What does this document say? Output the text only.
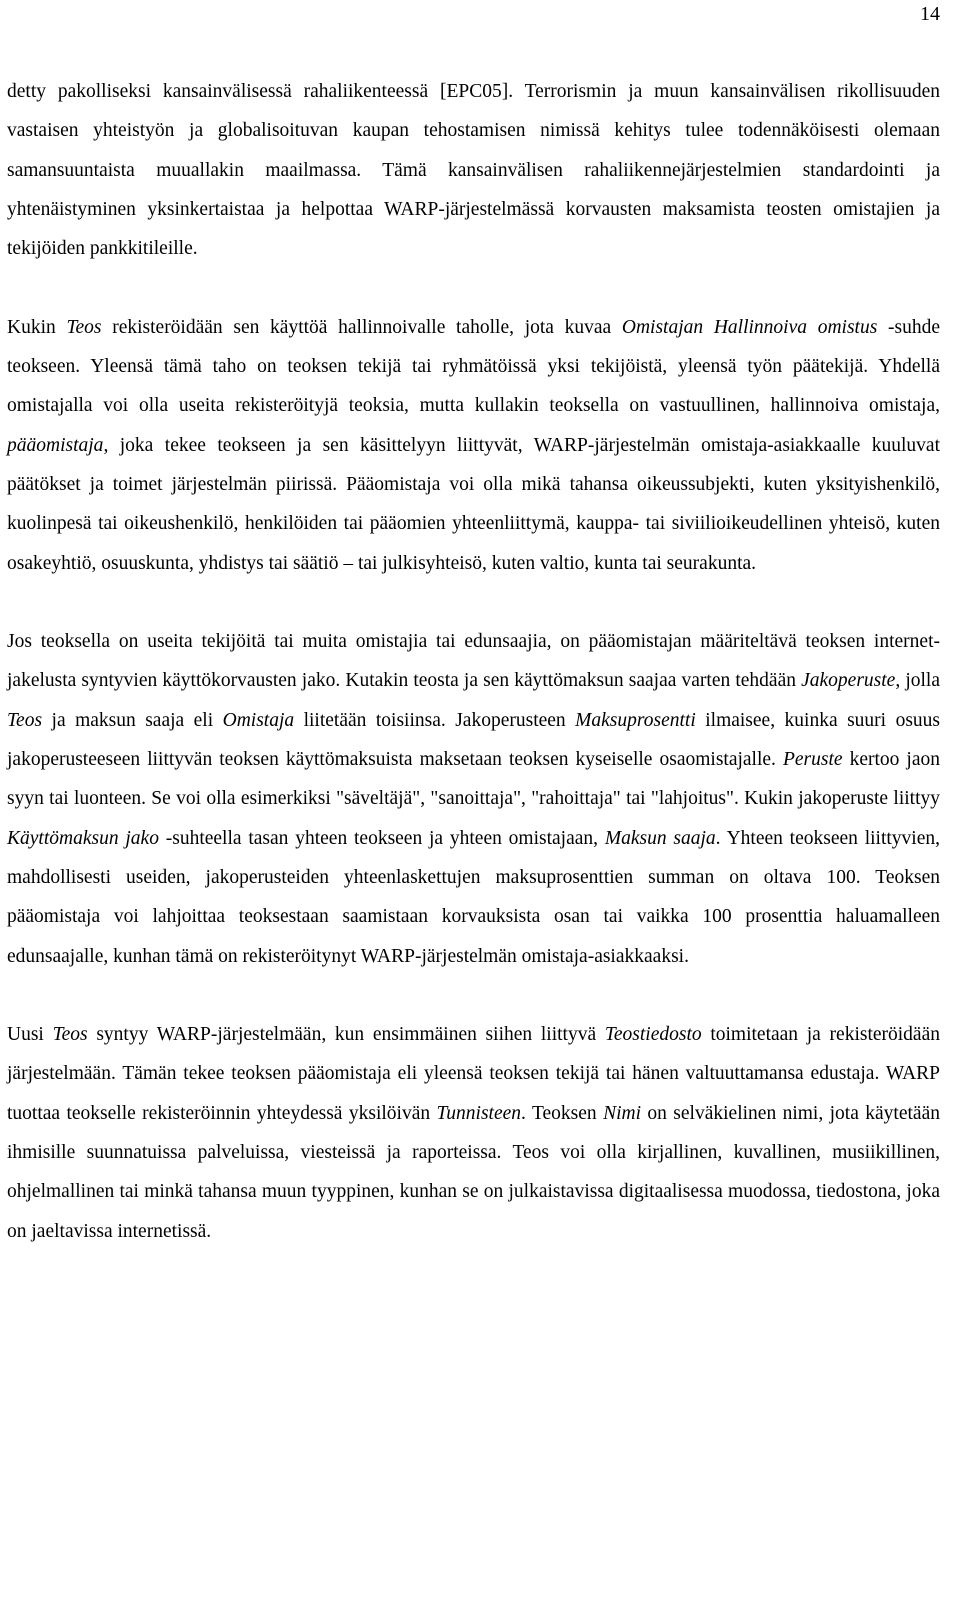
14

detty pakolliseksi kansainvälisessä rahaliikenteessä [EPC05]. Terrorismin ja muun kansainvälisen rikollisuuden vastaisen yhteistyön ja globalisoituvan kaupan tehostamisen nimissä kehitys tulee todennäköisesti olemaan samansuuntaista muuallakin maailmassa. Tämä kansainvälisen rahaliikennejärjestelmien standardointi ja yhtenäistyminen yksinkertaistaa ja helpottaa WARP-järjestelmässä korvausten maksamista teosten omistajien ja tekijöiden pankkitileille.

Kukin Teos rekisteröidään sen käyttöä hallinnoivalle taholle, jota kuvaa Omistajan Hallinnoiva omistus -suhde teokseen. Yleensä tämä taho on teoksen tekijä tai ryhmätöissä yksi tekijöistä, yleensä työn päätekijä. Yhdellä omistajalla voi olla useita rekisteröityjä teoksia, mutta kullakin teoksella on vastuullinen, hallinnoiva omistaja, pääomistaja, joka tekee teokseen ja sen käsittelyyn liittyvät, WARP-järjestelmän omistaja-asiakkaalle kuuluvat päätökset ja toimet järjestelmän piirissä. Pääomistaja voi olla mikä tahansa oikeussubjekti, kuten yksityishenkilö, kuolinpesä tai oikeushenkilö, henkilöiden tai pääomien yhteenliittymä, kauppa- tai siviilioikeudellinen yhteisö, kuten osakeyhtiö, osuuskunta, yhdistys tai säätiö – tai julkisyhteisö, kuten valtio, kunta tai seurakunta.

Jos teoksella on useita tekijöitä tai muita omistajia tai edunsaajia, on pääomistajan määriteltävä teoksen internet-jakelusta syntyvien käyttökorvausten jako. Kutakin teosta ja sen käyttömaksun saajaa varten tehdään Jakoperuste, jolla Teos ja maksun saaja eli Omistaja liitetään toisiinsa. Jakoperusteen Maksuprosentti ilmaisee, kuinka suuri osuus jakoperusteeseen liittyvän teoksen käyttömaksuista maksetaan teoksen kyseiselle osaomistajalle. Peruste kertoo jaon syyn tai luonteen. Se voi olla esimerkiksi "säveltäjä", "sanoittaja", "rahoittaja" tai "lahjoitus". Kukin jakoperuste liittyy Käyttömaksun jako -suhteella tasan yhteen teokseen ja yhteen omistajaan, Maksun saaja. Yhteen teokseen liittyvien, mahdollisesti useiden, jakoperusteiden yhteenlaskettujen maksuprosenttien summan on oltava 100. Teoksen pääomistaja voi lahjoittaa teoksestaan saamistaan korvauksista osan tai vaikka 100 prosenttia haluamalleen edunsaajalle, kunhan tämä on rekisteröitynyt WARP-järjestelmän omistaja-asiakkaaksi.

Uusi Teos syntyy WARP-järjestelmään, kun ensimmäinen siihen liittyvä Teostiedosto toimitetaan ja rekisteröidään järjestelmään. Tämän tekee teoksen pääomistaja eli yleensä teoksen tekijä tai hänen valtuuttamansa edustaja. WARP tuottaa teokselle rekisteröinnin yhteydessä yksilöivän Tunnisteen. Teoksen Nimi on selväkielinen nimi, jota käytetään ihmisille suunnatuissa palveluissa, viesteissä ja raporteissa. Teos voi olla kirjallinen, kuvallinen, musiikillinen, ohjelmallinen tai minkä tahansa muun tyyppinen, kunhan se on julkaistavissa digitaalisessa muodossa, tiedostona, joka on jaeltavissa internetissä.
